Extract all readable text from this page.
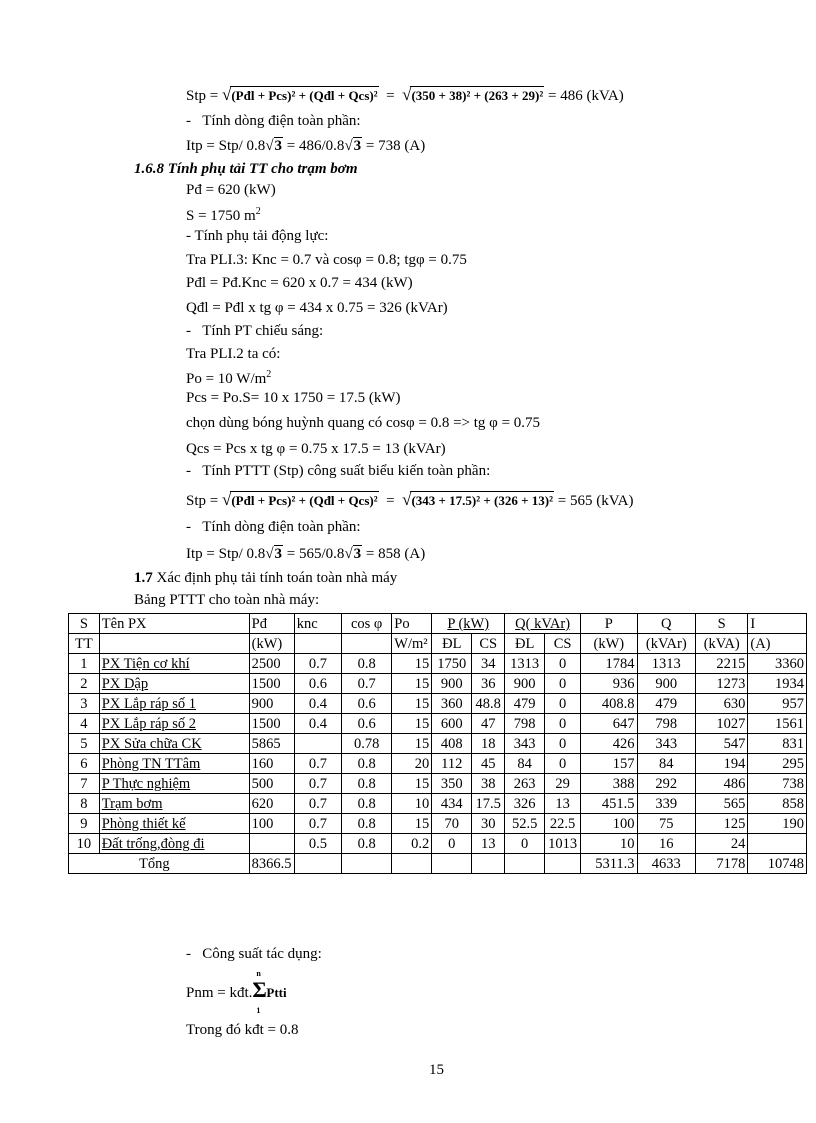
Stp = √(Pđl + Pcs)² + (Qđl + Qcs)² = √(350 + 38)² + (263 + 29)² = 486 (kVA)
- Tính dòng điện toàn phần:
Itp = Stp/ 0.8√3 = 486/0.8√3 = 738 (A)
1.6.8 Tính phụ tải TT cho trạm bơm
Pđ = 620 (kW)
S = 1750 $m^2$
- Tính phụ tải động lực:
Tra PLI.3: Knc = 0.7 và cosφ = 0.8; tgφ = 0.75
Pđl = Pđ.Knc = 620 x 0.7 = 434 (kW)
Qđl = Pđl x tg φ = 434 x 0.75 = 326 (kVAr)
- Tính PT chiếu sáng:
Tra PLI.2 ta có:
Po = 10 $W/m^2$
Pcs = Po.S= 10 x 1750 = 17.5 (kW)
chọn dùng bóng huỳnh quang có cosφ = 0.8 => tg φ = 0.75
Qcs = Pcs x tg φ = 0.75 x 17.5 = 13 (kVAr)
- Tính PTTT (Stp) công suất biểu kiến toàn phần:
Stp = √(Pđl + Pcs)² + (Qđl + Qcs)² = √(343 + 17.5)² + (326 + 13)² = 565 (kVA)
- Tính dòng điện toàn phần:
Itp = Stp/ 0.8√3 = 565/0.8√3 = 858 (A)
1.7 Xác định phụ tải tính toán toàn nhà máy
Bảng PTTT cho toàn nhà máy:
S	Tên PX	Pđ	knc	cos φ	Po	P (kW)		Q( kVAr)		P	Q	S	I
TT		(kW)			W/m²	ĐL	CS	ĐL	CS	(kW)	(kVAr)	(kVA)	(A)
1	PX Tiện cơ khí	2500	0.7	0.8	15	1750	34	1313	0	1784	1313	2215	3360
2	PX Dập	1500	0.6	0.7	15	900	36	900	0	936	900	1273	1934
3	PX Lắp ráp số 1	900	0.4	0.6	15	360	48.8	479	0	408.8	479	630	957
4	PX Lắp ráp số 2	1500	0.4	0.6	15	600	47	798	0	647	798	1027	1561
5	PX Sửa chữa CK	5865		0.78	15	408	18	343	0	426	343	547	831
6	Phòng TN TTâm	160	0.7	0.8	20	112	45	84	0	157	84	194	295
7	P Thực nghiệm	500	0.7	0.8	15	350	38	263	29	388	292	486	738
8	Trạm bơm	620	0.7	0.8	10	434	17.5	326	13	451.5	339	565	858
9	Phòng thiết kế	100	0.7	0.8	15	70	30	52.5	22.5	100	75	125	190
10	Đất trống,đòng đi		0.5	0.8	0.2	0	13	0	1013	10	16	24	
Tổng		8366.5								5311.3	4633	7178	10748
- Công suất tác dụng:
Pnm = kđt.Σ
n
1
Ptti
Trong đó kđt = 0.8
15
